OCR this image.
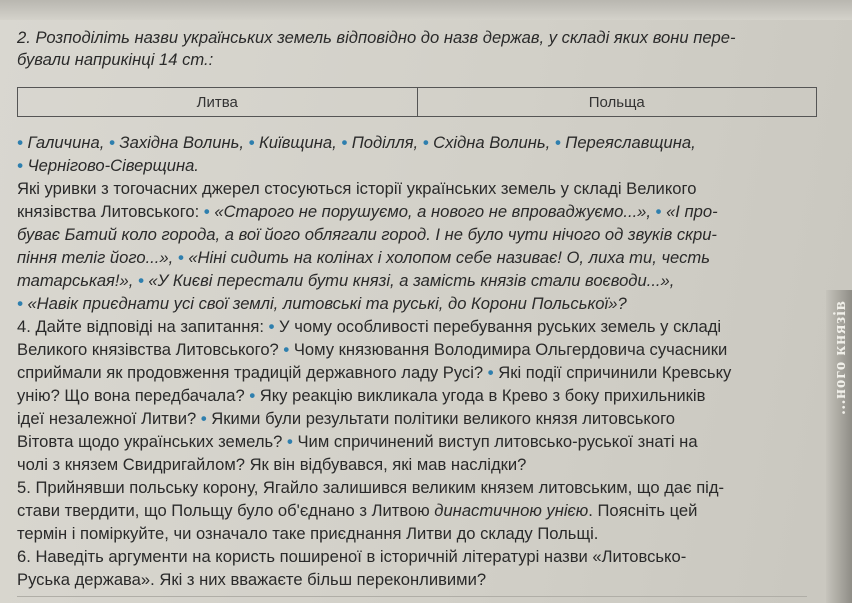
2. Розподіліть назви українських земель відповідно до назв держав, у складі яких вони пере-
бували наприкінці 14 ст.:
Литва	Польща
• Галичина, • Західна Волинь, • Київщина, • Поділля, • Східна Волинь, • Переяславщина,
• Чернігово-Сіверщина.
Які уривки з тогочасних джерел стосуються історії українських земель у складі Великого
князівства Литовського: • «Старого не порушуємо, а нового не впроваджуємо...», • «І про-
буває Батий коло города, а вої його облягали город. І не було чути нічого од звуків скри-
піння теліг його...», • «Ніні сидить на колінах і холопом себе називає! О, лиха ти, честь
татарськая!», • «У Києві перестали бути князі, а замість князів стали воєводи...»,
• «Навік приєднати усі свої землі, литовські та руські, до Корони Польської»?
4. Дайте відповіді на запитання: • У чому особливості перебування руських земель у складі
Великого князівства Литовського? • Чому князювання Володимира Ольгердовича сучасники
сприймали як продовження традицій державного ладу Русі? • Які події спричинили Кревську
унію? Що вона передбачала? • Яку реакцію викликала угода в Крево з боку прихильників
ідеї незалежної Литви? • Якими були результати політики великого князя литовського
Вітовта щодо українських земель? • Чим спричинений виступ литовсько-руської знаті на
чолі з князем Свидригайлом? Як він відбувався, які мав наслідки?
5. Прийнявши польську корону, Ягайло залишився великим князем литовським, що дає під-
стави твердити, що Польщу було об'єднано з Литвою династичною унією. Поясніть цей
термін і поміркуйте, чи означало таке приєднання Литви до складу Польщі.
6. Наведіть аргументи на користь поширеної в історичній літературі назви «Литовсько-
Руська держава». Які з них вважаєте більш переконливими?
...ного князів
